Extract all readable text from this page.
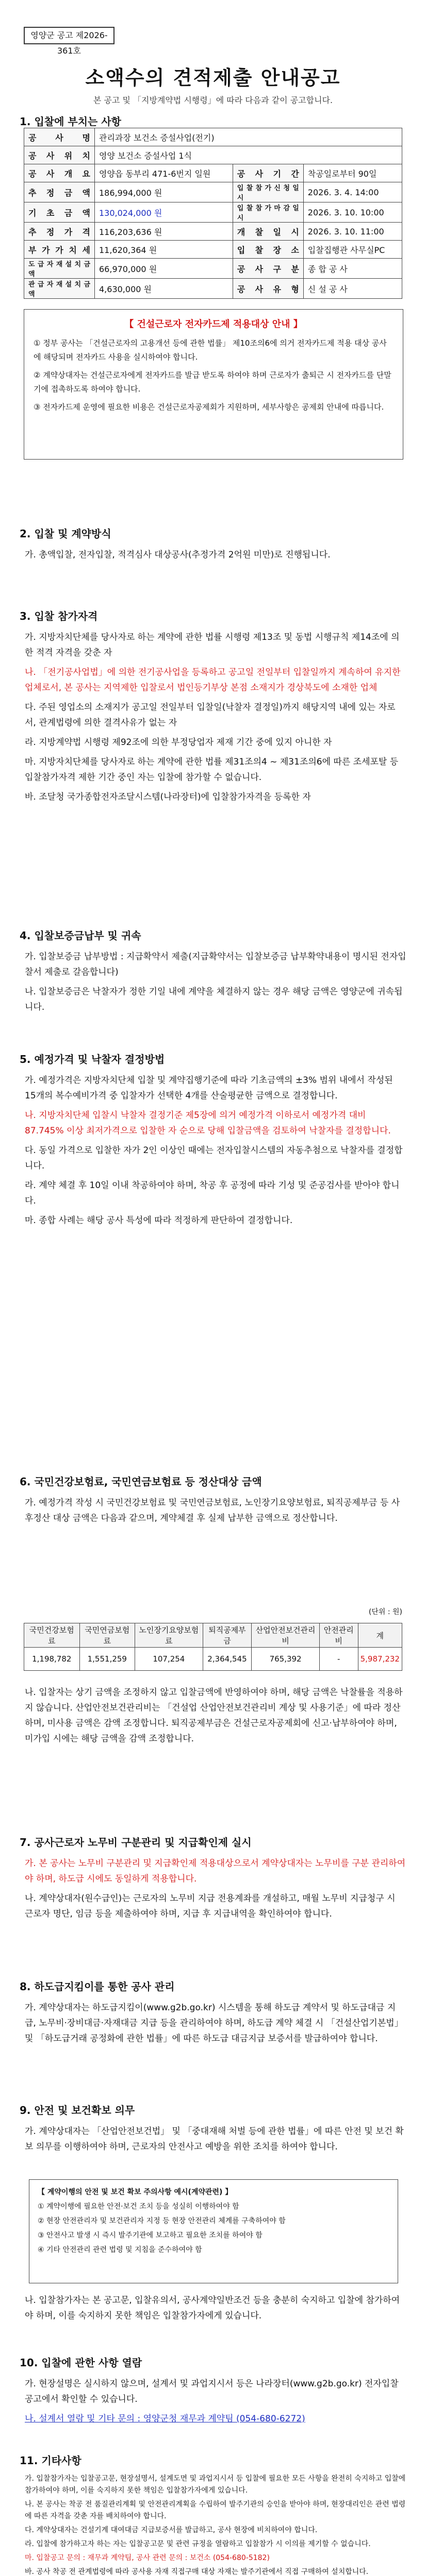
영양군 공고 제2026-361호
소액수의 견적제출 안내공고
본 공고 및 「지방계약법 시행령」에 따라 다음과 같이 공고합니다.
1. 입찰에 부치는 사항
공 사 명	관리과장 보건소 증설사업(전기)		
공 사 위 치	영양 보건소 증설사업 1식		
공 사 개 요	영양읍 동부리 471-6번지 일원	공 사 기 간	착공일로부터 90일
추 정 금 액	186,994,000 원	입 찰 참 가 신 청 일 시	2026. 3. 4. 14:00
기 초 금 액	130,024,000 원	입 찰 참 가 마 감 일 시	2026. 3. 10. 10:00
추 정 가 격	116,203,636 원	개 찰 일 시	2026. 3. 10. 11:00
부 가 가 치 세	11,620,364 원	입 찰 장 소	입찰집행관 사무실PC
도 급 자 재 설 치 금 액	66,970,000 원	공 사 구 분	종 합 공 사
관 급 자 재 설 치 금 액	4,630,000 원	공 사 유 형	신 설 공 사
【 건설근로자 전자카드제 적용대상 안내 】

① 정부 공사는 「건설근로자의 고용개선 등에 관한 법률」 제10조의6에 의거 전자카드제 적용 대상 공사에 해당되며 전자카드 사용을 실시하여야 합니다.

② 계약상대자는 건설근로자에게 전자카드를 발급 받도록 하여야 하며 근로자가 출퇴근 시 전자카드를 단말기에 접촉하도록 하여야 합니다.

③ 전자카드제 운영에 필요한 비용은 건설근로자공제회가 지원하며, 세부사항은 공제회 안내에 따릅니다.

2. 입찰 및 계약방식

가. 총액입찰, 전자입찰, 적격심사 대상공사(추정가격 2억원 미만)로 진행됩니다.

3. 입찰 참가자격

가. 지방자치단체를 당사자로 하는 계약에 관한 법률 시행령 제13조 및 동법 시행규칙 제14조에 의한 적격 자격을 갖춘 자

나. 「전기공사업법」에 의한 전기공사업을 등록하고 공고일 전일부터 입찰일까지 계속하여 유지한 업체로서, 본 공사는 지역제한 입찰로서 법인등기부상 본점 소재지가 경상북도에 소재한 업체

다. 주된 영업소의 소재지가 공고일 전일부터 입찰일(낙찰자 결정일)까지 해당지역 내에 있는 자로서, 관계법령에 의한 결격사유가 없는 자

라. 지방계약법 시행령 제92조에 의한 부정당업자 제재 기간 중에 있지 아니한 자

마. 지방자치단체를 당사자로 하는 계약에 관한 법률 제31조의4 ~ 제31조의6에 따른 조세포탈 등 입찰참가자격 제한 기간 중인 자는 입찰에 참가할 수 없습니다.

바. 조달청 국가종합전자조달시스템(나라장터)에 입찰참가자격을 등록한 자

4. 입찰보증금납부 및 귀속

가. 입찰보증금 납부방법 : 지급확약서 제출(지급확약서는 입찰보증금 납부확약내용이 명시된 전자입찰서 제출로 갈음합니다)

나. 입찰보증금은 낙찰자가 정한 기일 내에 계약을 체결하지 않는 경우 해당 금액은 영양군에 귀속됩니다.

5. 예정가격 및 낙찰자 결정방법

가. 예정가격은 지방자치단체 입찰 및 계약집행기준에 따라 기초금액의 ±3% 범위 내에서 작성된 15개의 복수예비가격 중 입찰자가 선택한 4개를 산술평균한 금액으로 결정합니다.

나. 지방자치단체 입찰시 낙찰자 결정기준 제5장에 의거 예정가격 이하로서 예정가격 대비 87.745% 이상 최저가격으로 입찰한 자 순으로 당해 입찰금액을 검토하여 낙찰자를 결정합니다.

다. 동일 가격으로 입찰한 자가 2인 이상인 때에는 전자입찰시스템의 자동추첨으로 낙찰자를 결정합니다.

라. 계약 체결 후 10일 이내 착공하여야 하며, 착공 후 공정에 따라 기성 및 준공검사를 받아야 합니다.

마. 종합 사례는 해당 공사 특성에 따라 적정하게 판단하여 결정합니다.

6. 국민건강보험료, 국민연금보험료 등 정산대상 금액

가. 예정가격 작성 시 국민건강보험료 및 국민연금보험료, 노인장기요양보험료, 퇴직공제부금 등 사후정산 대상 금액은 다음과 같으며, 계약체결 후 실제 납부한 금액으로 정산합니다.

(단위 : 원)
국민건강보험료	국민연금보험료	노인장기요양보험료	퇴직공제부금	산업안전보건관리비	안전관리비	계
1,198,782	1,551,259	107,254	2,364,545	765,392	-	5,987,232

나. 입찰자는 상기 금액을 조정하지 않고 입찰금액에 반영하여야 하며, 해당 금액은 낙찰률을 적용하지 않습니다. 산업안전보건관리비는 「건설업 산업안전보건관리비 계상 및 사용기준」에 따라 정산하며, 미사용 금액은 감액 조정합니다. 퇴직공제부금은 건설근로자공제회에 신고·납부하여야 하며, 미가입 시에는 해당 금액을 감액 조정합니다.

7. 공사근로자 노무비 구분관리 및 지급확인제 실시

가. 본 공사는 노무비 구분관리 및 지급확인제 적용대상으로서 계약상대자는 노무비를 구분 관리하여야 하며, 하도급 시에도 동일하게 적용합니다.

나. 계약상대자(원수급인)는 근로자의 노무비 지급 전용계좌를 개설하고, 매월 노무비 지급청구 시 근로자 명단, 임금 등을 제출하여야 하며, 지급 후 지급내역을 확인하여야 합니다.

8. 하도급지킴이를 통한 공사 관리

가. 계약상대자는 하도급지킴이(www.g2b.go.kr) 시스템을 통해 하도급 계약서 및 하도급대금 지급, 노무비·장비대금·자재대금 지급 등을 관리하여야 하며, 하도급 계약 체결 시 「건설산업기본법」 및 「하도급거래 공정화에 관한 법률」에 따른 하도급 대금지급 보증서를 발급하여야 합니다.

9. 안전 및 보건확보 의무

가. 계약상대자는 「산업안전보건법」 및 「중대재해 처벌 등에 관한 법률」에 따른 안전 및 보건 확보 의무를 이행하여야 하며, 근로자의 안전사고 예방을 위한 조치를 하여야 합니다.

【 계약이행의 안전 및 보건 확보 주의사항 예시(계약관련) 】
① 계약이행에 필요한 안전·보건 조치 등을 성실히 이행하여야 함
② 현장 안전관리자 및 보건관리자 지정 등 현장 안전관리 체계를 구축하여야 함
③ 안전사고 발생 시 즉시 발주기관에 보고하고 필요한 조치를 하여야 함
④ 기타 안전관리 관련 법령 및 지침을 준수하여야 함

나. 입찰참가자는 본 공고문, 입찰유의서, 공사계약일반조건 등을 충분히 숙지하고 입찰에 참가하여야 하며, 이를 숙지하지 못한 책임은 입찰참가자에게 있습니다.

10. 입찰에 관한 사항 열람

가. 현장설명은 실시하지 않으며, 설계서 및 과업지시서 등은 나라장터(www.g2b.go.kr) 전자입찰 공고에서 확인할 수 있습니다.

나. 설계서 열람 및 기타 문의 : 영양군청 재무과 계약팀 (054-680-6272)

11. 기타사항

가. 입찰참가자는 입찰공고문, 현장설명서, 설계도면 및 과업지시서 등 입찰에 필요한 모든 사항을 완전히 숙지하고 입찰에 참가하여야 하며, 이를 숙지하지 못한 책임은 입찰참가자에게 있습니다.

나. 본 공사는 착공 전 품질관리계획 및 안전관리계획을 수립하여 발주기관의 승인을 받아야 하며, 현장대리인은 관련 법령에 따른 자격을 갖춘 자를 배치하여야 합니다.

다. 계약상대자는 건설기계 대여대금 지급보증서를 발급하고, 공사 현장에 비치하여야 합니다.

라. 입찰에 참가하고자 하는 자는 입찰공고문 및 관련 규정을 열람하고 입찰참가 시 이의를 제기할 수 없습니다.

마. 입찰공고 문의 : 재무과 계약팀, 공사 관련 문의 : 보건소 (054-680-5182)

바. 공사 착공 전 관계법령에 따라 공사용 자재 직접구매 대상 자재는 발주기관에서 직접 구매하여 설치합니다.
